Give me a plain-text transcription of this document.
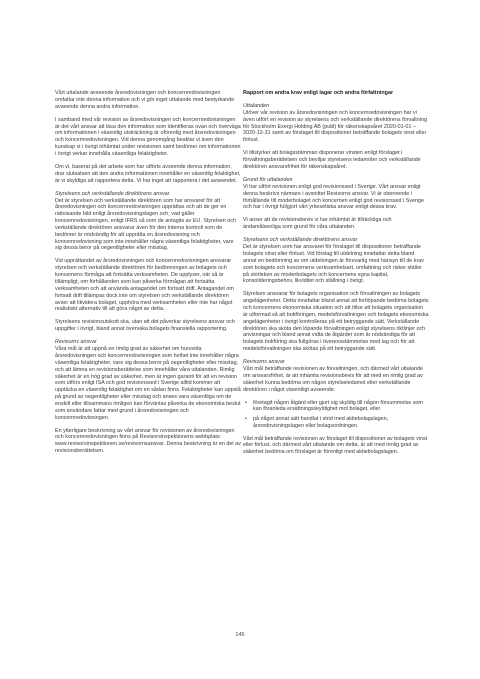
Vårt uttalande avseende årsredovisningen och koncernredovisningen omfattar inte denna information och vi gör inget uttalande med bestyrkande avseende denna andra information.

I samband med vår revision av årsredovisningen och koncernredovisningen är det vårt ansvar att läsa den information som identifieras ovan och överväga om informationen i väsentlig utsträckning är oförenlig med årsredovisningen och koncernredovisningen. Vid denna genomgång beaktar vi även den kunskap vi i övrigt inhämtat under revisionen samt bedömer om informationen i övrigt verkar innehålla väsentliga felaktigheter.

Om vi, baserat på det arbete som har utförts avseende denna information, drar slutsatsen att den andra informationen innehåller en väsentlig felaktighet, är vi skyldiga att rapportera detta. Vi har inget att rapportera i det avseendet.

Styrelsens och verkställande direktörens ansvar

Det är styrelsen och verkställande direktören som har ansvaret för att årsredovisningen och koncernredovisningen upprättas och att de ger en rättvisande bild enligt årsredovisningslagen och, vad gäller koncernredovisningen, enligt IFRS så som de antagits av EU. Styrelsen och verkställande direktören ansvarar även för den interna kontroll som de bedömer är nödvändig för att upprätta en årsredovisning och koncernredovisning som inte innehåller några väsentliga felaktigheter, vare sig dessa beror på oegentligheter eller misstag.

Vid upprättandet av årsredovisningen och koncernredovisningen ansvarar styrelsen och verkställande direktören för bedömningen av bolagets och koncernens förmåga att fortsätta verksamheten. De upplyser, när så är tillämpligt, om förhållanden som kan påverka förmågan att fortsätta verksamheten och att använda antagandet om fortsatt drift. Antagandet om fortsatt drift tillämpas dock inte om styrelsen och verkställande direktören avser att likvidera bolaget, upphöra med verksamheten eller inte har något realistiskt alternativ till att göra något av detta.

Styrelsens revisionsutskott ska, utan att det påverkar styrelsens ansvar och uppgifter i övrigt, bland annat övervaka bolagets finansiella rapportering.

Revisorns ansvar

Våra mål är att uppnå en rimlig grad av säkerhet om huruvida årsredovisningen och koncernredovisningen som helhet inte innehåller några väsentliga felaktigheter, vare sig dessa beror på oegentligheter eller misstag, och att lämna en revisionsberättelse som innehåller våra uttalanden. Rimlig säkerhet är en hög grad av säkerhet, men är ingen garanti för att en revision som utförs enligt ISA och god revisionssed i Sverige alltid kommer att upptäcka en väsentlig felaktighet om en sådan finns. Felaktigheter kan uppstå på grund av oegentligheter eller misstag och anses vara väsentliga om de enskilt eller tillsammans rimligen kan förväntas påverka de ekonomiska beslut som användare fattar med grund i årsredovisningen och koncernredovisningen.

En ytterligare beskrivning av vårt ansvar för revisionen av årsredovisningen och koncernredovisningen finns på Revisorsinspektionens webbplats: www.revisorsinspektionen.se/revisornsansvar. Denna beskrivning är en del av revisionsberättelsen.

Rapport om andra krav enligt lagar och andra författningar

Uttalanden

Utöver vår revision av årsredovisningen och koncernredovisningen har vi även utfört en revision av styrelsens och verkställande direktörens förvaltning för Stockholm Exergi Holding AB (publ) för räkenskapsåret 2020-01-01 – 2020-12-31 samt av förslaget till dispositioner beträffande bolagets vinst eller förlust.

Vi tillstyrker att bolagsstämman disponerar vinsten enligt förslaget i förvaltningsberättelsen och beviljar styrelsens ledamöter och verkställande direktören ansvarsfrihet för räkenskapsåret.

Grund för uttalanden

Vi har utfört revisionen enligt god revisionssed i Sverige. Vårt ansvar enligt denna beskrivs närmare i avsnittet Revisorns ansvar. Vi är oberoende i förhållande till moderbolaget och koncernen enligt god revisorssed i Sverige och har i övrigt fullgjort vårt yrkesetiska ansvar enligt dessa krav.

Vi anser att de revisionsbevis vi har inhämtat är tillräckliga och ändamålsenliga som grund för våra uttalanden.

Styrelsens och verkställande direktörens ansvar

Det är styrelsen som har ansvaret för förslaget till dispositioner beträffande bolagets vinst eller förlust. Vid förslag till utdelning innefattar detta bland annat en bedömning av om utdelningen är försvarlig med hänsyn till de krav som bolagets och koncernens verksamhetsart, omfattning och risker ställer på storleken av moderbolagets och koncernens egna kapital, konsolideringsbehov, likviditet och ställning i övrigt.

Styrelsen ansvarar för bolagets organisation och förvaltningen av bolagets angelägenheter. Detta innefattar bland annat att fortlöpande bedöma bolagets och koncernens ekonomiska situation och att tillse att bolagets organisation är utformad så att bokföringen, medelsförvaltningen och bolagets ekonomiska angelägenheter i övrigt kontrolleras på ett betryggande sätt. Verkställande direktören ska sköta den löpande förvaltningen enligt styrelsens riktlinjer och anvisningar och bland annat vidta de åtgärder som är nödvändiga för att bolagets bokföring ska fullgöras i överensstämmelse med lag och för att medelsförvaltningen ska skötas på ett betryggande sätt.

Revisorns ansvar

Vårt mål beträffande revisionen av förvaltningen, och därmed vårt uttalande om ansvarsfrihet, är att inhämta revisionsbevis för att med en rimlig grad av säkerhet kunna bedöma om någon styrelseledamot eller verkställande direktören i något väsentligt avseende:

• företagit någon åtgärd eller gjort sig skyldig till någon försummelse som kan föranleda ersättningsskyldighet mot bolaget, eller
• på något annat sätt handlat i strid med aktiebolagslagen, årsredovisningslagen eller bolagsordningen.

Vårt mål beträffande revisionen av förslaget till dispositioner av bolagets vinst eller förlust, och därmed vårt uttalande om detta, är att med rimlig grad av säkerhet bedöma om förslaget är förenligt med aktiebolagslagen.

145
